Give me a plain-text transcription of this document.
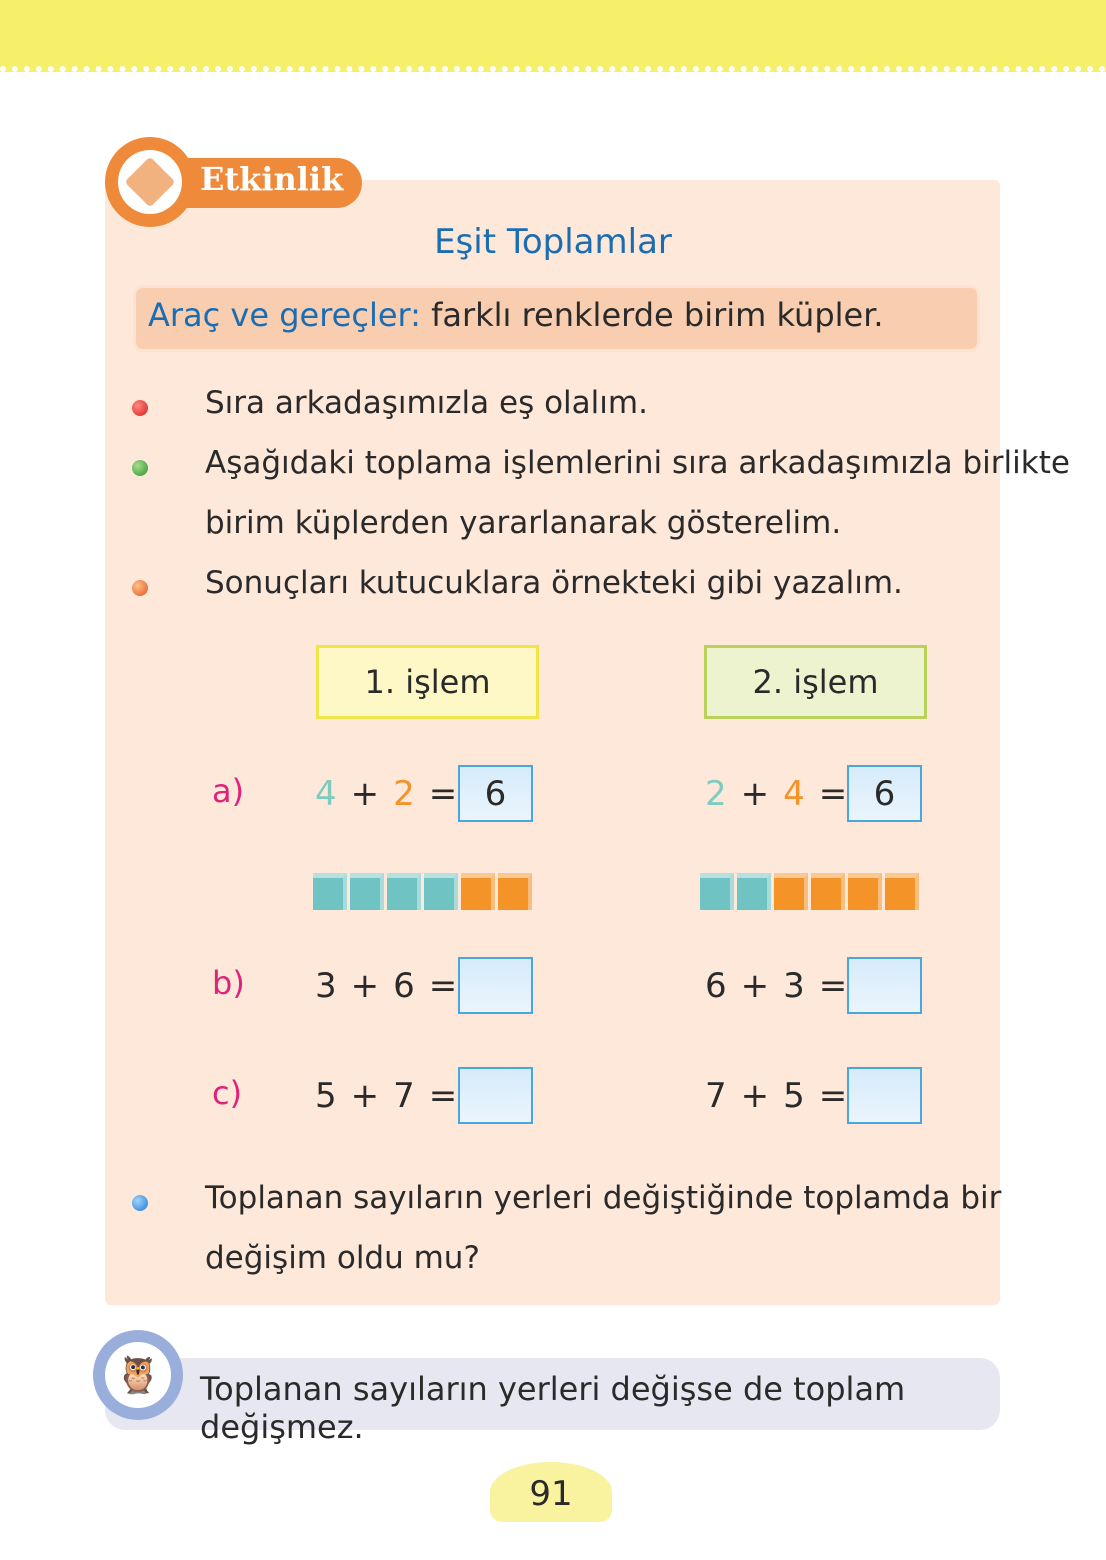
Etkinlik
Eşit Toplamlar
Araç ve gereçler: farklı renklerde birim küpler.
Sıra arkadaşımızla eş olalım.
Aşağıdaki toplama işlemlerini sıra arkadaşımızla birlikte
birim küplerden yararlanarak gösterelim.
Sonuçları kutucuklara örnekteki gibi yazalım.
1. işlem	2. işlem
a) 4 + 2 = 6	2 + 4 = 6
b) 3 + 6 =	6 + 3 =
c) 5 + 7 =	7 + 5 =
Toplanan sayıların yerleri değiştiğinde toplamda bir
değişim oldu mu?
Toplanan sayıların yerleri değişse de toplam değişmez.
🦉
91
